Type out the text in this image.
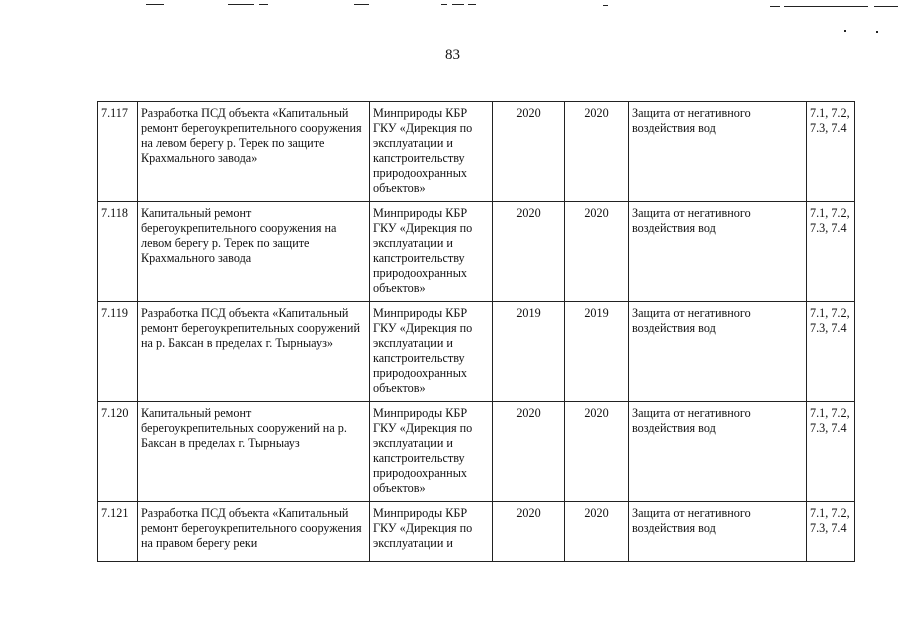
83
7.117	Разработка ПСД объекта «Капитальный ремонт берегоукрепительного сооружения на левом берегу р. Терек по защите Крахмального завода»	Минприроды КБР ГКУ «Дирекция по эксплуатации и капстроительству природоохранных объектов»	2020	2020	Защита от негативного воздействия вод	7.1, 7.2, 7.3, 7.4
7.118	Капитальный ремонт берегоукрепительного сооружения на левом берегу р. Терек по защите Крахмального завода	Минприроды КБР ГКУ «Дирекция по эксплуатации и капстроительству природоохранных объектов»	2020	2020	Защита от негативного воздействия вод	7.1, 7.2, 7.3, 7.4
7.119	Разработка ПСД объекта «Капитальный ремонт берегоукрепительных сооружений на р. Баксан в пределах г. Тырныауз»	Минприроды КБР ГКУ «Дирекция по эксплуатации и капстроительству природоохранных объектов»	2019	2019	Защита от негативного воздействия вод	7.1, 7.2, 7.3, 7.4
7.120	Капитальный ремонт берегоукрепительных сооружений на р. Баксан в пределах г. Тырныауз	Минприроды КБР ГКУ «Дирекция по эксплуатации и капстроительству природоохранных объектов»	2020	2020	Защита от негативного воздействия вод	7.1, 7.2, 7.3, 7.4
7.121	Разработка ПСД объекта «Капитальный ремонт берегоукрепительного сооружения на правом берегу реки	Минприроды КБР ГКУ «Дирекция по эксплуатации и	2020	2020	Защита от негативного воздействия вод	7.1, 7.2, 7.3, 7.4
